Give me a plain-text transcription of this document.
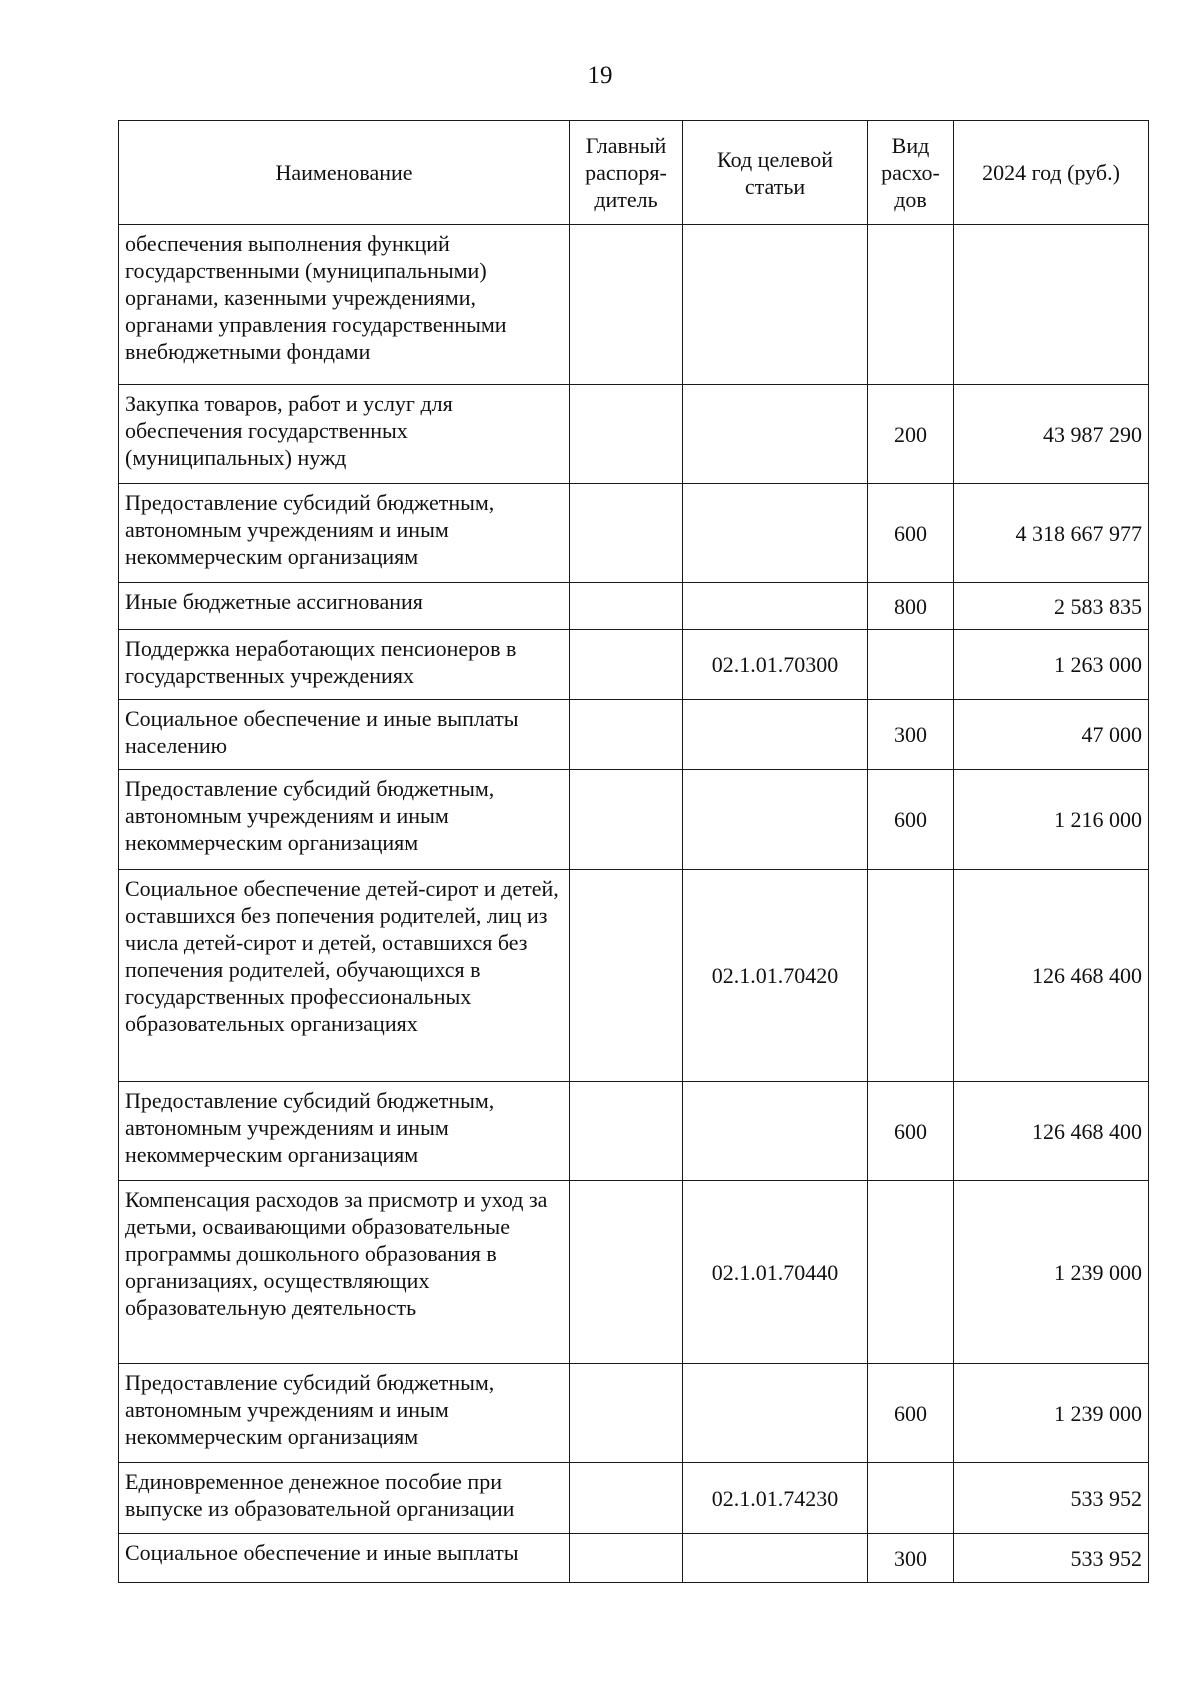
19
Наименование	Главный распоря-дитель	Код целевой статьи	Вид расхо-дов	2024 год (руб.)
обеспечения выполнения функций государственными (муниципальными) органами, казенными учреждениями, органами управления государственными внебюджетными фондами				
Закупка товаров, работ и услуг для обеспечения государственных (муниципальных) нужд			200	43 987 290
Предоставление субсидий бюджетным, автономным учреждениям и иным некоммерческим организациям			600	4 318 667 977
Иные бюджетные ассигнования			800	2 583 835
Поддержка неработающих пенсионеров в государственных учреждениях		02.1.01.70300		1 263 000
Социальное обеспечение и иные выплаты населению			300	47 000
Предоставление субсидий бюджетным, автономным учреждениям и иным некоммерческим организациям			600	1 216 000
Социальное обеспечение детей-сирот и детей, оставшихся без попечения родителей, лиц из числа детей-сирот и детей, оставшихся без попечения родителей, обучающихся в государственных профессиональных образовательных организациях		02.1.01.70420		126 468 400
Предоставление субсидий бюджетным, автономным учреждениям и иным некоммерческим организациям			600	126 468 400
Компенсация расходов за присмотр и уход за детьми, осваивающими образовательные программы дошкольного образования в организациях, осуществляющих образовательную деятельность		02.1.01.70440		1 239 000
Предоставление субсидий бюджетным, автономным учреждениям и иным некоммерческим организациям			600	1 239 000
Единовременное денежное пособие при выпуске из образовательной организации		02.1.01.74230		533 952
Социальное обеспечение и иные выплаты			300	533 952
